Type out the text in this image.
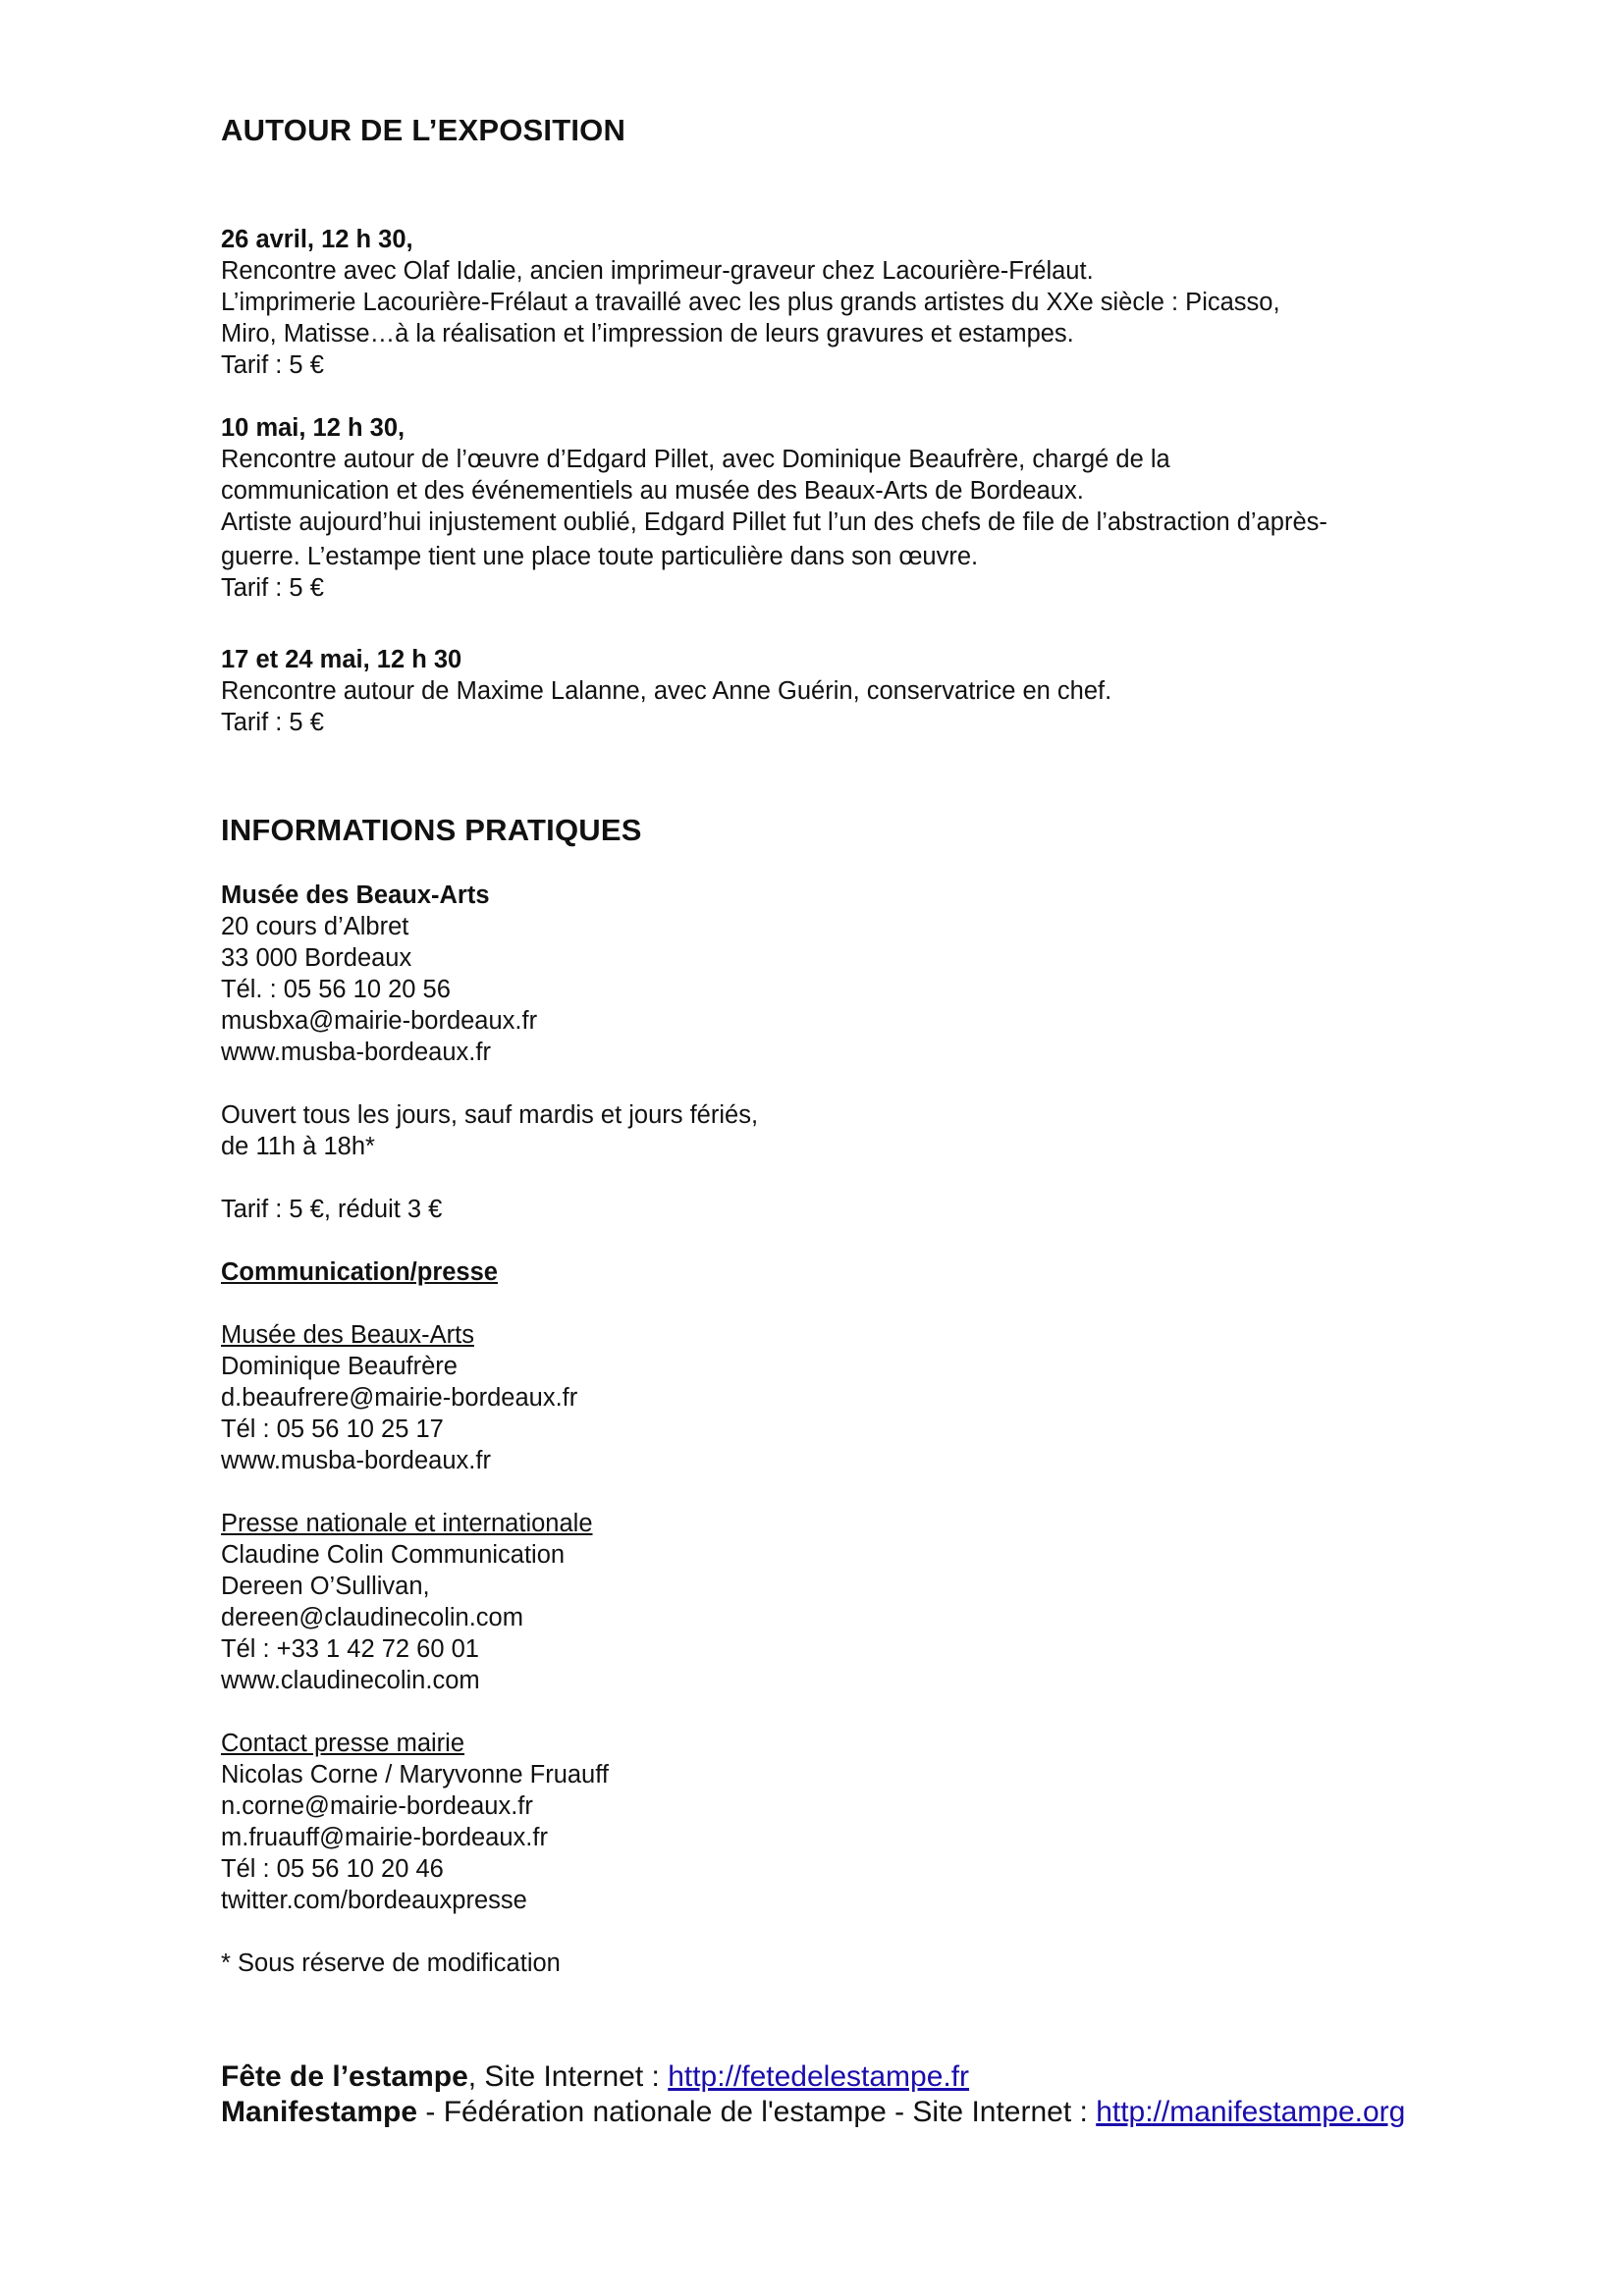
AUTOUR DE L’EXPOSITION
26 avril, 12 h 30,
Rencontre avec Olaf Idalie, ancien imprimeur-graveur chez Lacourière-Frélaut.
L’imprimerie Lacourière-Frélaut a travaillé avec les plus grands artistes du XXe siècle : Picasso,
Miro, Matisse…à la réalisation et l’impression de leurs gravures et estampes.
Tarif : 5 €
10 mai, 12 h 30,
Rencontre autour de l’œuvre d’Edgard Pillet, avec Dominique Beaufrère, chargé de la
communication et des événementiels au musée des Beaux-Arts de Bordeaux.
Artiste aujourd’hui injustement oublié, Edgard Pillet fut l’un des chefs de file de l’abstraction d’après-
guerre. L’estampe tient une place toute particulière dans son œuvre.
Tarif : 5 €
17 et 24 mai, 12 h 30
Rencontre autour de Maxime Lalanne, avec Anne Guérin, conservatrice en chef.
Tarif : 5 €
INFORMATIONS PRATIQUES
Musée des Beaux-Arts
20 cours d’Albret
33 000 Bordeaux
Tél. : 05 56 10 20 56
musbxa@mairie-bordeaux.fr
www.musba-bordeaux.fr
Ouvert tous les jours, sauf mardis et jours fériés,
de 11h à 18h*
Tarif : 5 €, réduit 3 €
Communication/presse
Musée des Beaux-Arts
Dominique Beaufrère
d.beaufrere@mairie-bordeaux.fr
Tél : 05 56 10 25 17
www.musba-bordeaux.fr
Presse nationale et internationale
Claudine Colin Communication
Dereen O’Sullivan,
dereen@claudinecolin.com
Tél : +33 1 42 72 60 01
www.claudinecolin.com
Contact presse mairie
Nicolas Corne / Maryvonne Fruauff
n.corne@mairie-bordeaux.fr
m.fruauff@mairie-bordeaux.fr
Tél : 05 56 10 20 46
twitter.com/bordeauxpresse
* Sous réserve de modification
Fête de l’estampe, Site Internet : http://fetedelestampe.fr
Manifestampe - Fédération nationale de l'estampe - Site Internet : http://manifestampe.org
